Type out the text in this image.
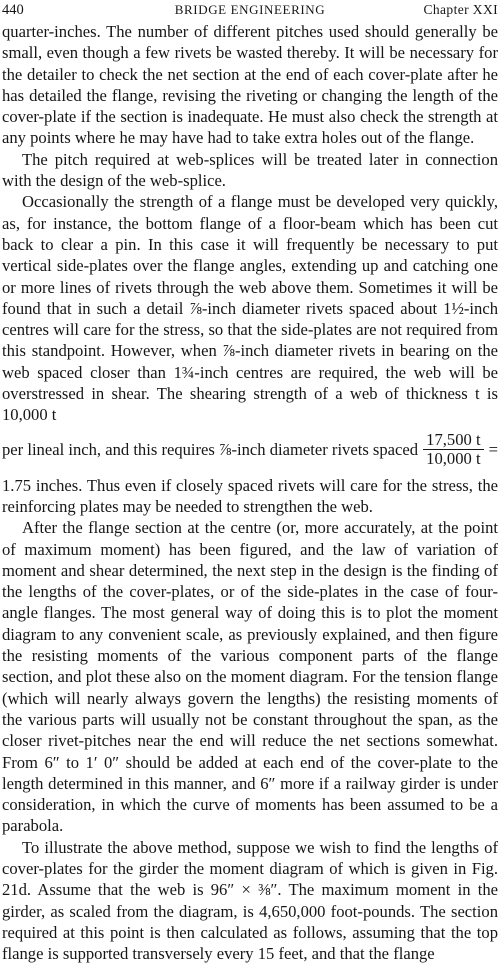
440	BRIDGE ENGINEERING	Chapter XXI

quarter-inches. The number of different pitches used should generally be small, even though a few rivets be wasted thereby. It will be necessary for the detailer to check the net section at the end of each cover-plate after he has detailed the flange, revising the riveting or changing the length of the cover-plate if the section is inadequate. He must also check the strength at any points where he may have had to take extra holes out of the flange.

The pitch required at web-splices will be treated later in connection with the design of the web-splice.

Occasionally the strength of a flange must be developed very quickly, as, for instance, the bottom flange of a floor-beam which has been cut back to clear a pin. In this case it will frequently be necessary to put vertical side-plates over the flange angles, extending up and catching one or more lines of rivets through the web above them. Sometimes it will be found that in such a detail ⅞-inch diameter rivets spaced about 1½-inch centres will care for the stress, so that the side-plates are not required from this standpoint. However, when ⅞-inch diameter rivets in bearing on the web spaced closer than 1¾-inch centres are required, the web will be overstressed in shear. The shearing strength of a web of thickness t is 10,000 t

per lineal inch, and this requires ⅞-inch diameter rivets spaced $\frac{17,500 t}{10,000 t}$ =

1.75 inches. Thus even if closely spaced rivets will care for the stress, the reinforcing plates may be needed to strengthen the web.

After the flange section at the centre (or, more accurately, at the point of maximum moment) has been figured, and the law of variation of moment and shear determined, the next step in the design is the finding of the lengths of the cover-plates, or of the side-plates in the case of four-angle flanges. The most general way of doing this is to plot the moment diagram to any convenient scale, as previously explained, and then figure the resisting moments of the various component parts of the flange section, and plot these also on the moment diagram. For the tension flange (which will nearly always govern the lengths) the resisting moments of the various parts will usually not be constant throughout the span, as the closer rivet-pitches near the end will reduce the net sections somewhat. From 6″ to 1′ 0″ should be added at each end of the cover-plate to the length determined in this manner, and 6″ more if a railway girder is under consideration, in which the curve of moments has been assumed to be a parabola.

To illustrate the above method, suppose we wish to find the lengths of cover-plates for the girder the moment diagram of which is given in Fig. 21d. Assume that the web is 96″ × ⅜″. The maximum moment in the girder, as scaled from the diagram, is 4,650,000 foot-pounds. The section required at this point is then calculated as follows, assuming that the top flange is supported transversely every 15 feet, and that the flange
